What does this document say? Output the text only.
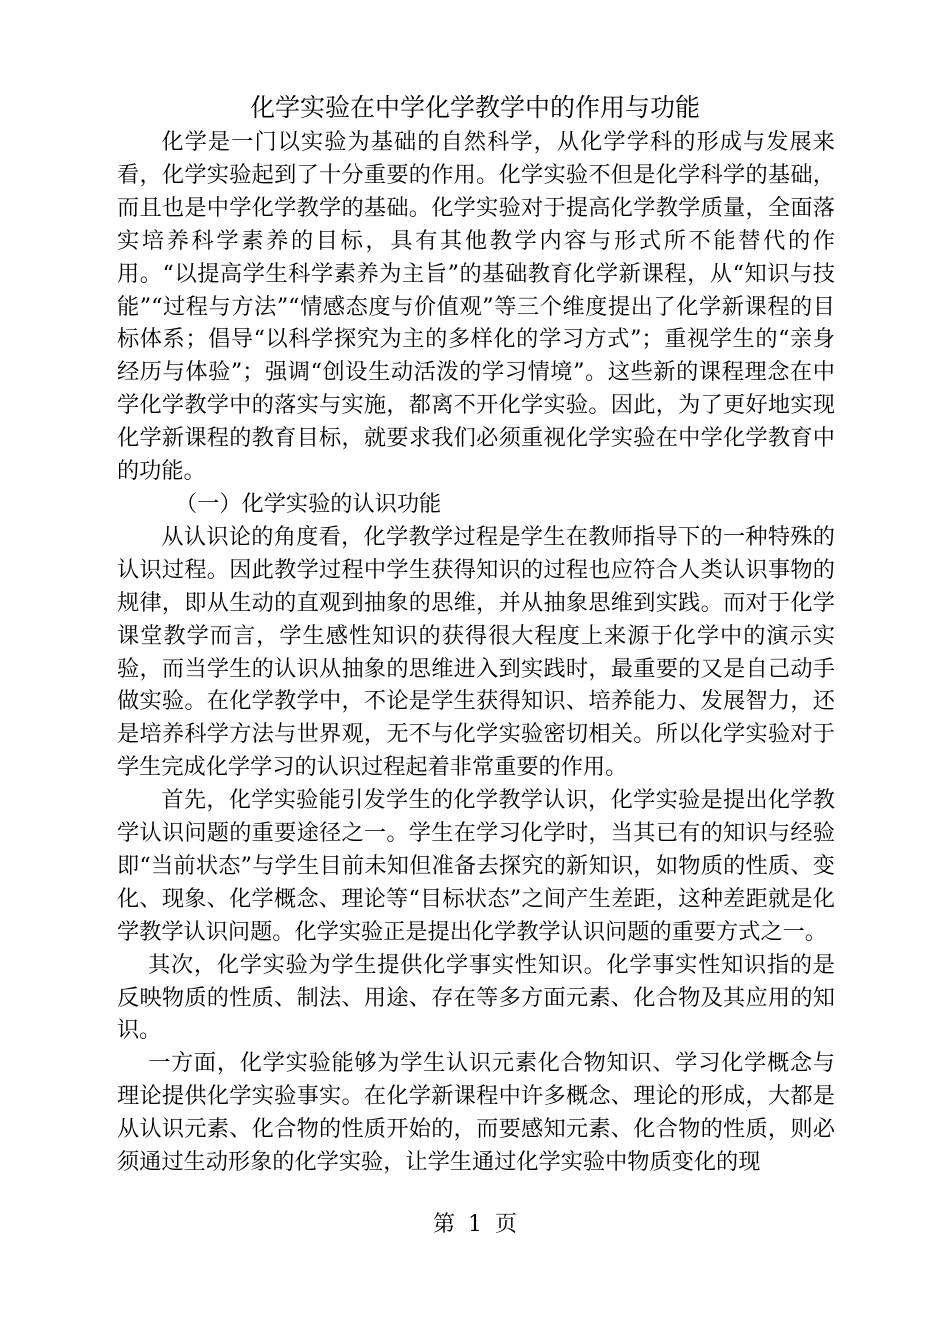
化学实验在中学化学教学中的作用与功能

化学是一门以实验为基础的自然科学，从化学学科的形成与发展来看，化学实验起到了十分重要的作用。化学实验不但是化学科学的基础，而且也是中学化学教学的基础。化学实验对于提高化学教学质量，全面落实培养科学素养的目标，具有其他教学内容与形式所不能替代的作用。“以提高学生科学素养为主旨”的基础教育化学新课程，从“知识与技能”“过程与方法”“情感态度与价值观”等三个维度提出了化学新课程的目标体系；倡导“以科学探究为主的多样化的学习方式”；重视学生的“亲身经历与体验”；强调“创设生动活泼的学习情境”。这些新的课程理念在中学化学教学中的落实与实施，都离不开化学实验。因此，为了更好地实现化学新课程的教育目标，就要求我们必须重视化学实验在中学化学教育中的功能。

（一）化学实验的认识功能

从认识论的角度看，化学教学过程是学生在教师指导下的一种特殊的认识过程。因此教学过程中学生获得知识的过程也应符合人类认识事物的规律，即从生动的直观到抽象的思维，并从抽象思维到实践。而对于化学课堂教学而言，学生感性知识的获得很大程度上来源于化学中的演示实验，而当学生的认识从抽象的思维进入到实践时，最重要的又是自己动手做实验。在化学教学中，不论是学生获得知识、培养能力、发展智力，还是培养科学方法与世界观，无不与化学实验密切相关。所以化学实验对于学生完成化学学习的认识过程起着非常重要的作用。

首先，化学实验能引发学生的化学教学认识，化学实验是提出化学教学认识问题的重要途径之一。学生在学习化学时，当其已有的知识与经验即“当前状态”与学生目前未知但准备去探究的新知识，如物质的性质、变化、现象、化学概念、理论等“目标状态”之间产生差距，这种差距就是化学教学认识问题。化学实验正是提出化学教学认识问题的重要方式之一。

其次，化学实验为学生提供化学事实性知识。化学事实性知识指的是反映物质的性质、制法、用途、存在等多方面元素、化合物及其应用的知识。

一方面，化学实验能够为学生认识元素化合物知识、学习化学概念与理论提供化学实验事实。在化学新课程中许多概念、理论的形成，大都是从认识元素、化合物的性质开始的，而要感知元素、化合物的性质，则必须通过生动形象的化学实验，让学生通过化学实验中物质变化的现

第 1 页
